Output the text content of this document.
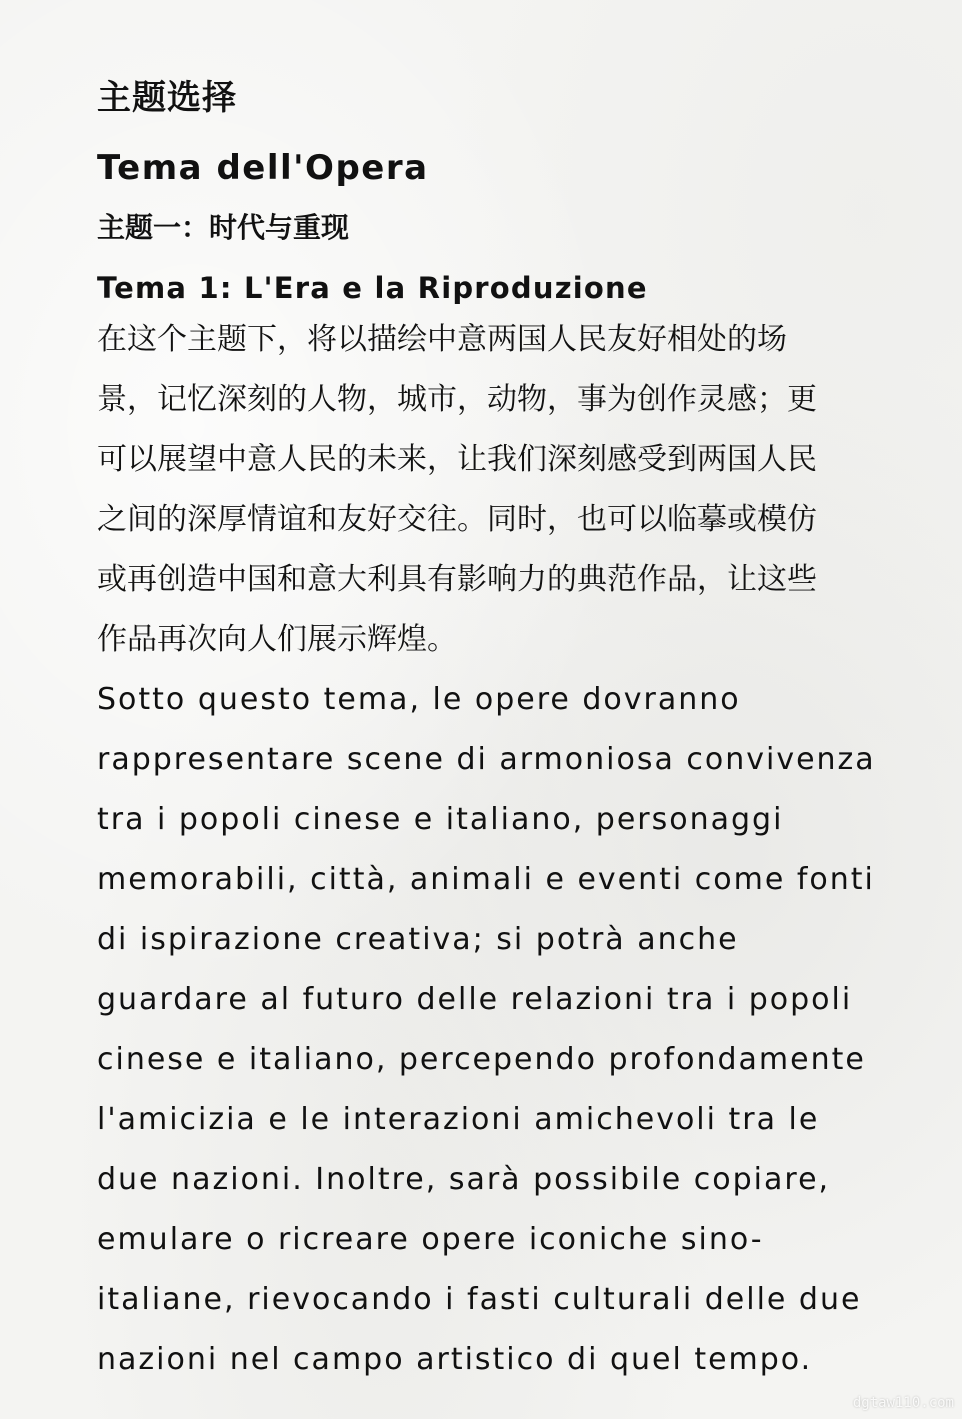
主题选择
Tema dell'Opera
主题一：时代与重现
Tema 1: L'Era e la Riproduzione

在这个主题下，将以描绘中意两国人民友好相处的场景，记忆深刻的人物，城市，动物，事为创作灵感；更可以展望中意人民的未来，让我们深刻感受到两国人民之间的深厚情谊和友好交往。同时，也可以临摹或模仿或再创造中国和意大利具有影响力的典范作品，让这些作品再次向人们展示辉煌。

Sotto questo tema, le opere dovranno rappresentare scene di armoniosa convivenza tra i popoli cinese e italiano, personaggi memorabili, città, animali e eventi come fonti di ispirazione creativa; si potrà anche guardare al futuro delle relazioni tra i popoli cinese e italiano, percependo profondamente l'amicizia e le interazioni amichevoli tra le due nazioni. Inoltre, sarà possibile copiare, emulare o ricreare opere iconiche sino-italiane, rievocando i fasti culturali delle due nazioni nel campo artistico di quel tempo.

dgtaw110.com
